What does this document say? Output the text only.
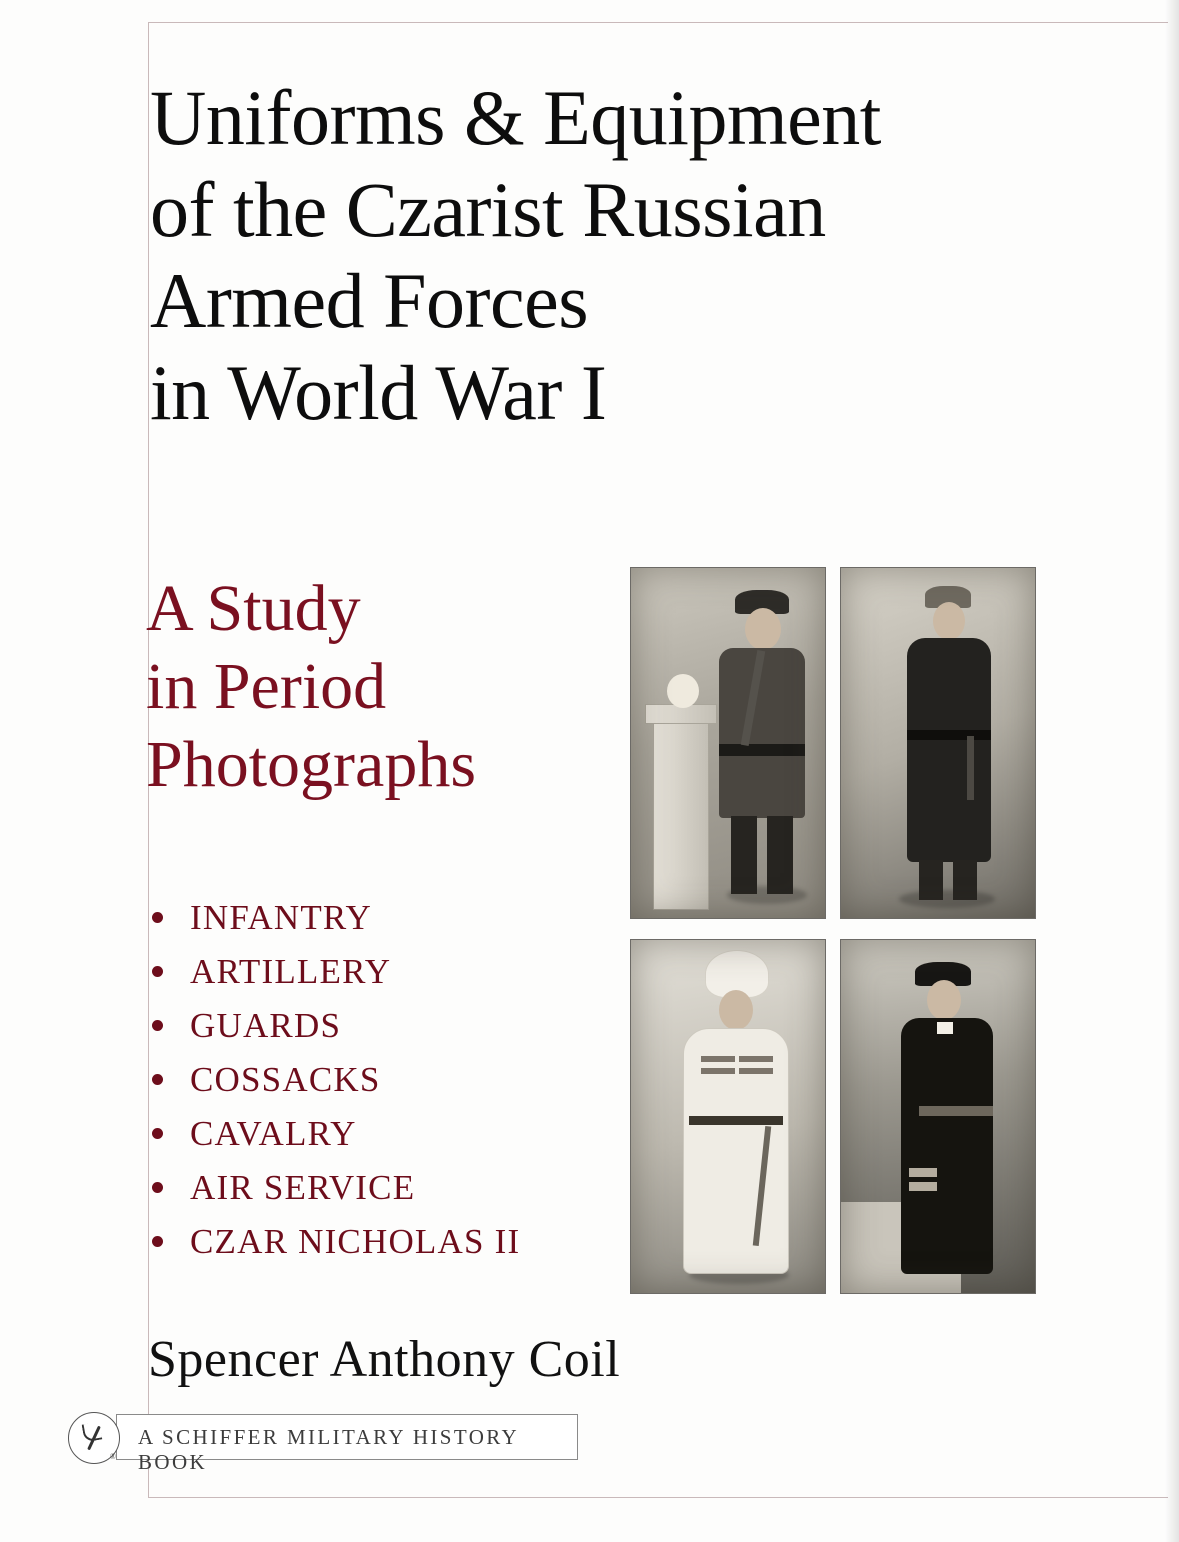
Uniforms & Equipment
of the Czarist Russian
Armed Forces
in World War I
A Study
in Period
Photographs
INFANTRY
ARTILLERY
GUARDS
COSSACKS
CAVALRY
AIR SERVICE
CZAR NICHOLAS II
Spencer Anthony Coil
A SCHIFFER MILITARY HISTORY BOOK
®
